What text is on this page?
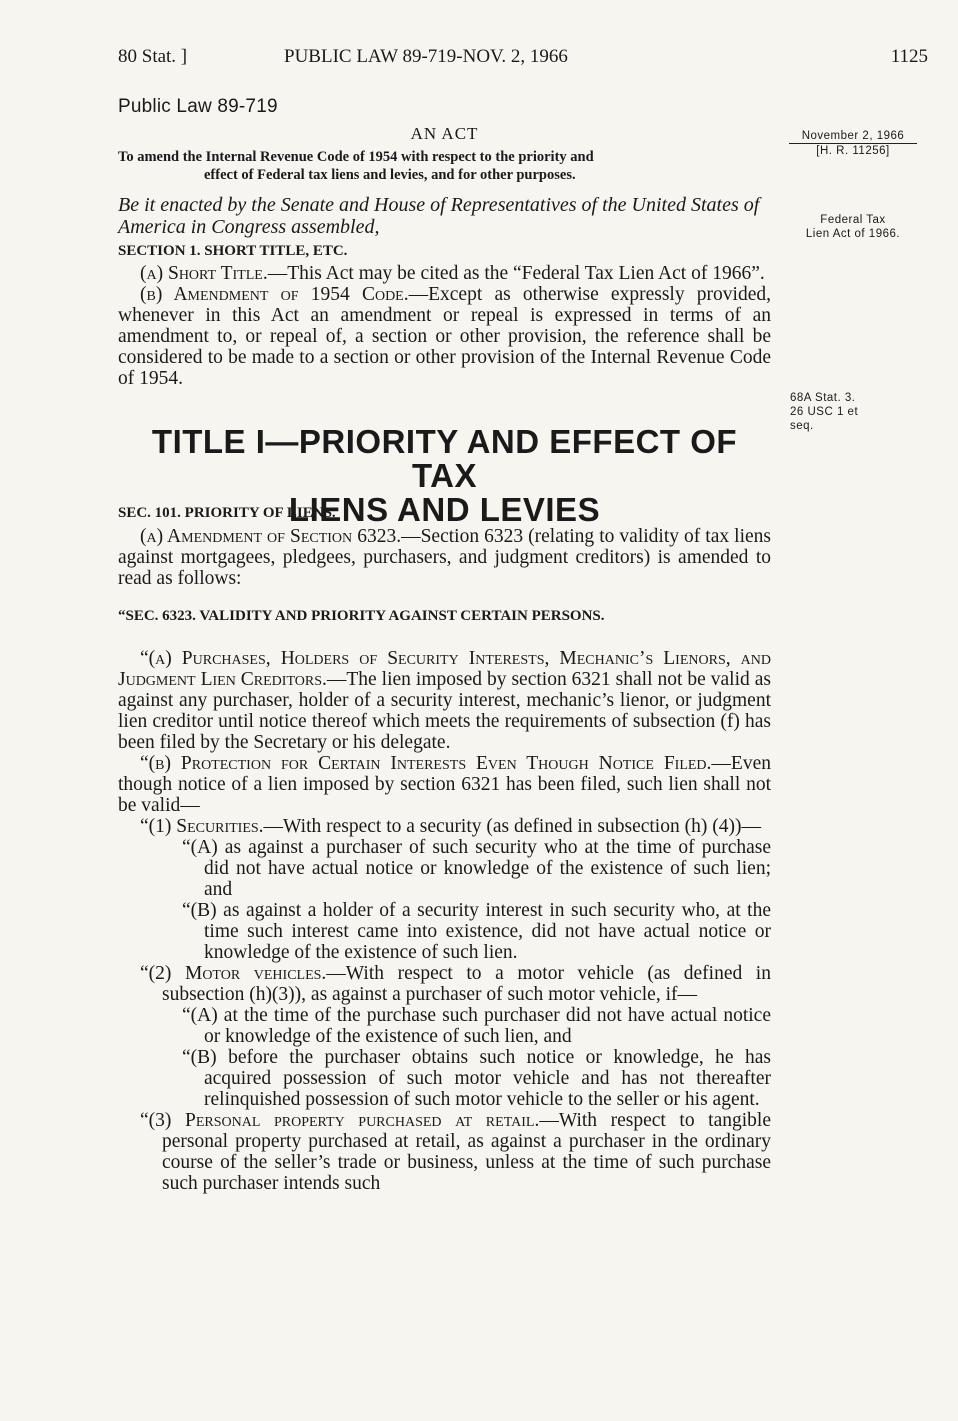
80 Stat. ]	PUBLIC LAW 89-719-NOV. 2, 1966	1125
Public Law 89-719
AN ACT
To amend the Internal Revenue Code of 1954 with respect to the priority and
effect of Federal tax liens and levies, and for other purposes.
Be it enacted by the Senate and House of Representatives of the United States of America in Congress assembled,
SECTION 1. SHORT TITLE, ETC.

(a) Short Title.—This Act may be cited as the “Federal Tax Lien Act of 1966”.

(b) Amendment of 1954 Code.—Except as otherwise expressly provided, whenever in this Act an amendment or repeal is expressed in terms of an amendment to, or repeal of, a section or other provision, the reference shall be considered to be made to a section or other provision of the Internal Revenue Code of 1954.

TITLE I—PRIORITY AND EFFECT OF TAX
LIENS AND LEVIES
SEC. 101. PRIORITY OF LIENS.

(a) Amendment of Section 6323.—Section 6323 (relating to validity of tax liens against mortgagees, pledgees, purchasers, and judgment creditors) is amended to read as follows:

“SEC. 6323. VALIDITY AND PRIORITY AGAINST CERTAIN PERSONS.

“(a) Purchases, Holders of Security Interests, Mechanic’s Lienors, and Judgment Lien Creditors.—The lien imposed by section 6321 shall not be valid as against any purchaser, holder of a security interest, mechanic’s lienor, or judgment lien creditor until notice thereof which meets the requirements of subsection (f) has been filed by the Secretary or his delegate.

“(b) Protection for Certain Interests Even Though Notice Filed.—Even though notice of a lien imposed by section 6321 has been filed, such lien shall not be valid—

“(1) Securities.—With respect to a security (as defined in subsection (h) (4))—

“(A) as against a purchaser of such security who at the time of purchase did not have actual notice or knowledge of the existence of such lien; and

“(B) as against a holder of a security interest in such security who, at the time such interest came into existence, did not have actual notice or knowledge of the existence of such lien.

“(2) Motor vehicles.—With respect to a motor vehicle (as defined in subsection (h)(3)), as against a purchaser of such motor vehicle, if—

“(A) at the time of the purchase such purchaser did not have actual notice or knowledge of the existence of such lien, and

“(B) before the purchaser obtains such notice or knowledge, he has acquired possession of such motor vehicle and has not thereafter relinquished possession of such motor vehicle to the seller or his agent.

“(3) Personal property purchased at retail.—With respect to tangible personal property purchased at retail, as against a purchaser in the ordinary course of the seller’s trade or business, unless at the time of such purchase such purchaser intends such

November 2, 1966
[H. R. 11256]
Federal Tax
Lien Act of 1966.
68A Stat. 3.
26 USC 1 et
seq.
